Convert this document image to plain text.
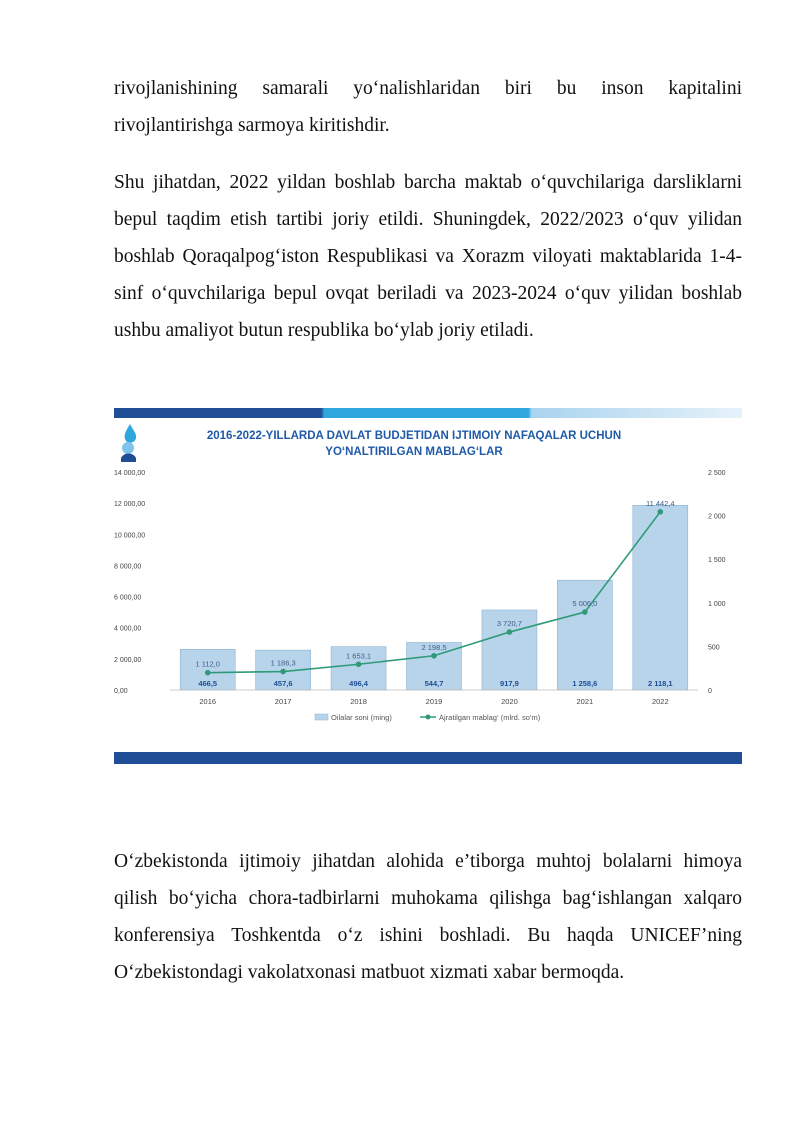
rivojlanishining samarali yo‘nalishlaridan biri bu inson kapitalini rivojlantirishga sarmoya kiritishdir.

Shu jihatdan, 2022 yildan boshlab barcha maktab o‘quvchilariga darsliklarni bepul taqdim etish tartibi joriy etildi. Shuningdek, 2022/2023 o‘quv yilidan boshlab Qoraqalpog‘iston Respublikasi va Xorazm viloyati maktablarida 1-4-sinf o‘quvchilariga bepul ovqat beriladi va 2023-2024 o‘quv yilidan boshlab ushbu amaliyot butun respublika bo‘ylab joriy etiladi.

2016-2022-YILLARDA DAVLAT BUDJETIDAN IJTIMOIY NAFAQALAR UCHUN
YO‘NALTIRILGAN MABLAG‘LAR
0,00
2 000,00
4 000,00
6 000,00
8 000,00
10 000,00
12 000,00
14 000,00
0
500
1 000
1 500
2 000
2 500
466,5	457,6	496,4	544,7	917,9	1 258,6	2 118,1
1 112,0	1 186,3
1 653,1
2 198,5
3 720,7
5 006,0
11 442,4
2016	2017	2018	2019	2020	2021	2022
Oilalar soni (ming)	Ajratilgan mablag‘ (mlrd. so‘m)

O‘zbekistonda ijtimoiy jihatdan alohida e’tiborga muhtoj bolalarni himoya qilish bo‘yicha chora-tadbirlarni muhokama qilishga bag‘ishlangan xalqaro konferensiya Toshkentda o‘z ishini boshladi. Bu haqda UNICEF’ning O‘zbekistondagi vakolatxonasi matbuot xizmati xabar bermoqda.
